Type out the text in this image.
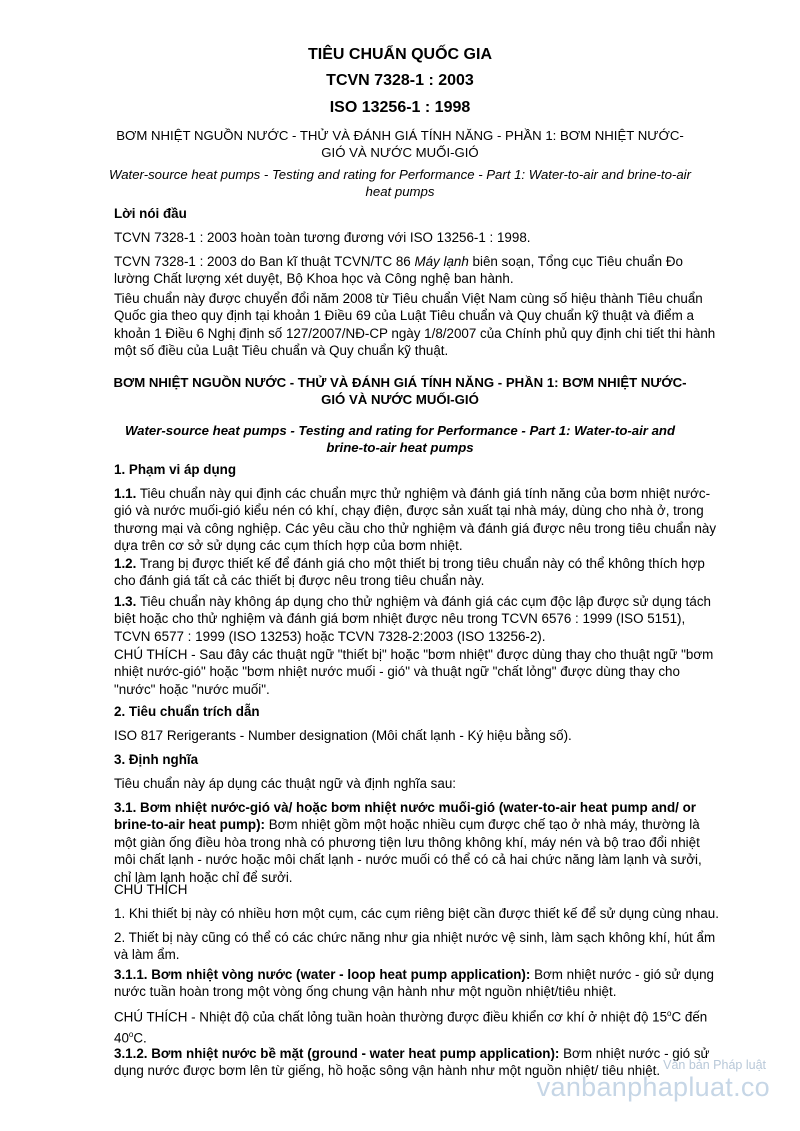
TIÊU CHUẨN QUỐC GIA
TCVN 7328-1 : 2003
ISO 13256-1 : 1998
BƠM NHIỆT NGUỒN NƯỚC - THỬ VÀ ĐÁNH GIÁ TÍNH NĂNG - PHẦN 1: BƠM NHIỆT NƯỚC-GIÓ VÀ NƯỚC MUỐI-GIÓ
Water-source heat pumps - Testing and rating for Performance - Part 1: Water-to-air and brine-to-air heat pumps

Lời nói đầu

TCVN 7328-1 : 2003 hoàn toàn tương đương với ISO 13256-1 : 1998.

TCVN 7328-1 : 2003 do Ban kĩ thuật TCVN/TC 86 Máy lạnh biên soạn, Tổng cục Tiêu chuẩn Đo lường Chất lượng xét duyệt, Bộ Khoa học và Công nghệ ban hành.

Tiêu chuẩn này được chuyển đổi năm 2008 từ Tiêu chuẩn Việt Nam cùng số hiệu thành Tiêu chuẩn Quốc gia theo quy định tại khoản 1 Điều 69 của Luật Tiêu chuẩn và Quy chuẩn kỹ thuật và điểm a khoản 1 Điều 6 Nghị định số 127/2007/NĐ-CP ngày 1/8/2007 của Chính phủ quy định chi tiết thi hành một số điều của Luật Tiêu chuẩn và Quy chuẩn kỹ thuật.

BƠM NHIỆT NGUỒN NƯỚC - THỬ VÀ ĐÁNH GIÁ TÍNH NĂNG - PHẦN 1: BƠM NHIỆT NƯỚC-GIÓ VÀ NƯỚC MUỐI-GIÓ
Water-source heat pumps - Testing and rating for Performance - Part 1: Water-to-air and brine-to-air heat pumps

1. Phạm vi áp dụng

1.1. Tiêu chuẩn này qui định các chuẩn mực thử nghiệm và đánh giá tính năng của bơm nhiệt nước-gió và nước muối-gió kiểu nén có khí, chạy điện, được sản xuất tại nhà máy, dùng cho nhà ở, trong thương mại và công nghiệp. Các yêu cầu cho thử nghiệm và đánh giá được nêu trong tiêu chuẩn này dựa trên cơ sở sử dụng các cụm thích hợp của bơm nhiệt.

1.2. Trang bị được thiết kế để đánh giá cho một thiết bị trong tiêu chuẩn này có thể không thích hợp cho đánh giá tất cả các thiết bị được nêu trong tiêu chuẩn này.

1.3. Tiêu chuẩn này không áp dụng cho thử nghiệm và đánh giá các cụm độc lập được sử dụng tách biệt hoặc cho thử nghiệm và đánh giá bơm nhiệt được nêu trong TCVN 6576 : 1999 (ISO 5151), TCVN 6577 : 1999 (ISO 13253) hoặc TCVN 7328-2:2003 (ISO 13256-2).

CHÚ THÍCH - Sau đây các thuật ngữ "thiết bị" hoặc "bơm nhiệt" được dùng thay cho thuật ngữ "bơm nhiệt nước-gió" hoặc "bơm nhiệt nước muối - gió" và thuật ngữ "chất lỏng" được dùng thay cho "nước" hoặc "nước muối".

2. Tiêu chuẩn trích dẫn

ISO 817 Rerigerants - Number designation (Môi chất lạnh - Ký hiệu bằng số).

3. Định nghĩa

Tiêu chuẩn này áp dụng các thuật ngữ và định nghĩa sau:

3.1. Bơm nhiệt nước-gió và/ hoặc bơm nhiệt nước muối-gió (water-to-air heat pump and/ or brine-to-air heat pump): Bơm nhiệt gồm một hoặc nhiều cụm được chế tạo ở nhà máy, thường là một giàn ống điều hòa trong nhà có phương tiện lưu thông không khí, máy nén và bộ trao đổi nhiệt môi chất lạnh - nước hoặc môi chất lạnh - nước muối có thể có cả hai chức năng làm lạnh và sưởi, chỉ làm lạnh hoặc chỉ để sưởi.

CHÚ THÍCH

1. Khi thiết bị này có nhiều hơn một cụm, các cụm riêng biệt cần được thiết kế để sử dụng cùng nhau.

2. Thiết bị này cũng có thể có các chức năng như gia nhiệt nước vệ sinh, làm sạch không khí, hút ẩm và làm ẩm.

3.1.1. Bơm nhiệt vòng nước (water - loop heat pump application): Bơm nhiệt nước - gió sử dụng nước tuần hoàn trong một vòng ống chung vận hành như một nguồn nhiệt/tiêu nhiệt.

CHÚ THÍCH - Nhiệt độ của chất lỏng tuần hoàn thường được điều khiển cơ khí ở nhiệt độ 15$^o$C đến 40$^o$C.

3.1.2. Bơm nhiệt nước bề mặt (ground - water heat pump application): Bơm nhiệt nước - gió sử dụng nước được bơm lên từ giếng, hồ hoặc sông vận hành như một nguồn nhiệt/ tiêu nhiệt. Văn bản Pháp luật
vanbanphapluat.co
